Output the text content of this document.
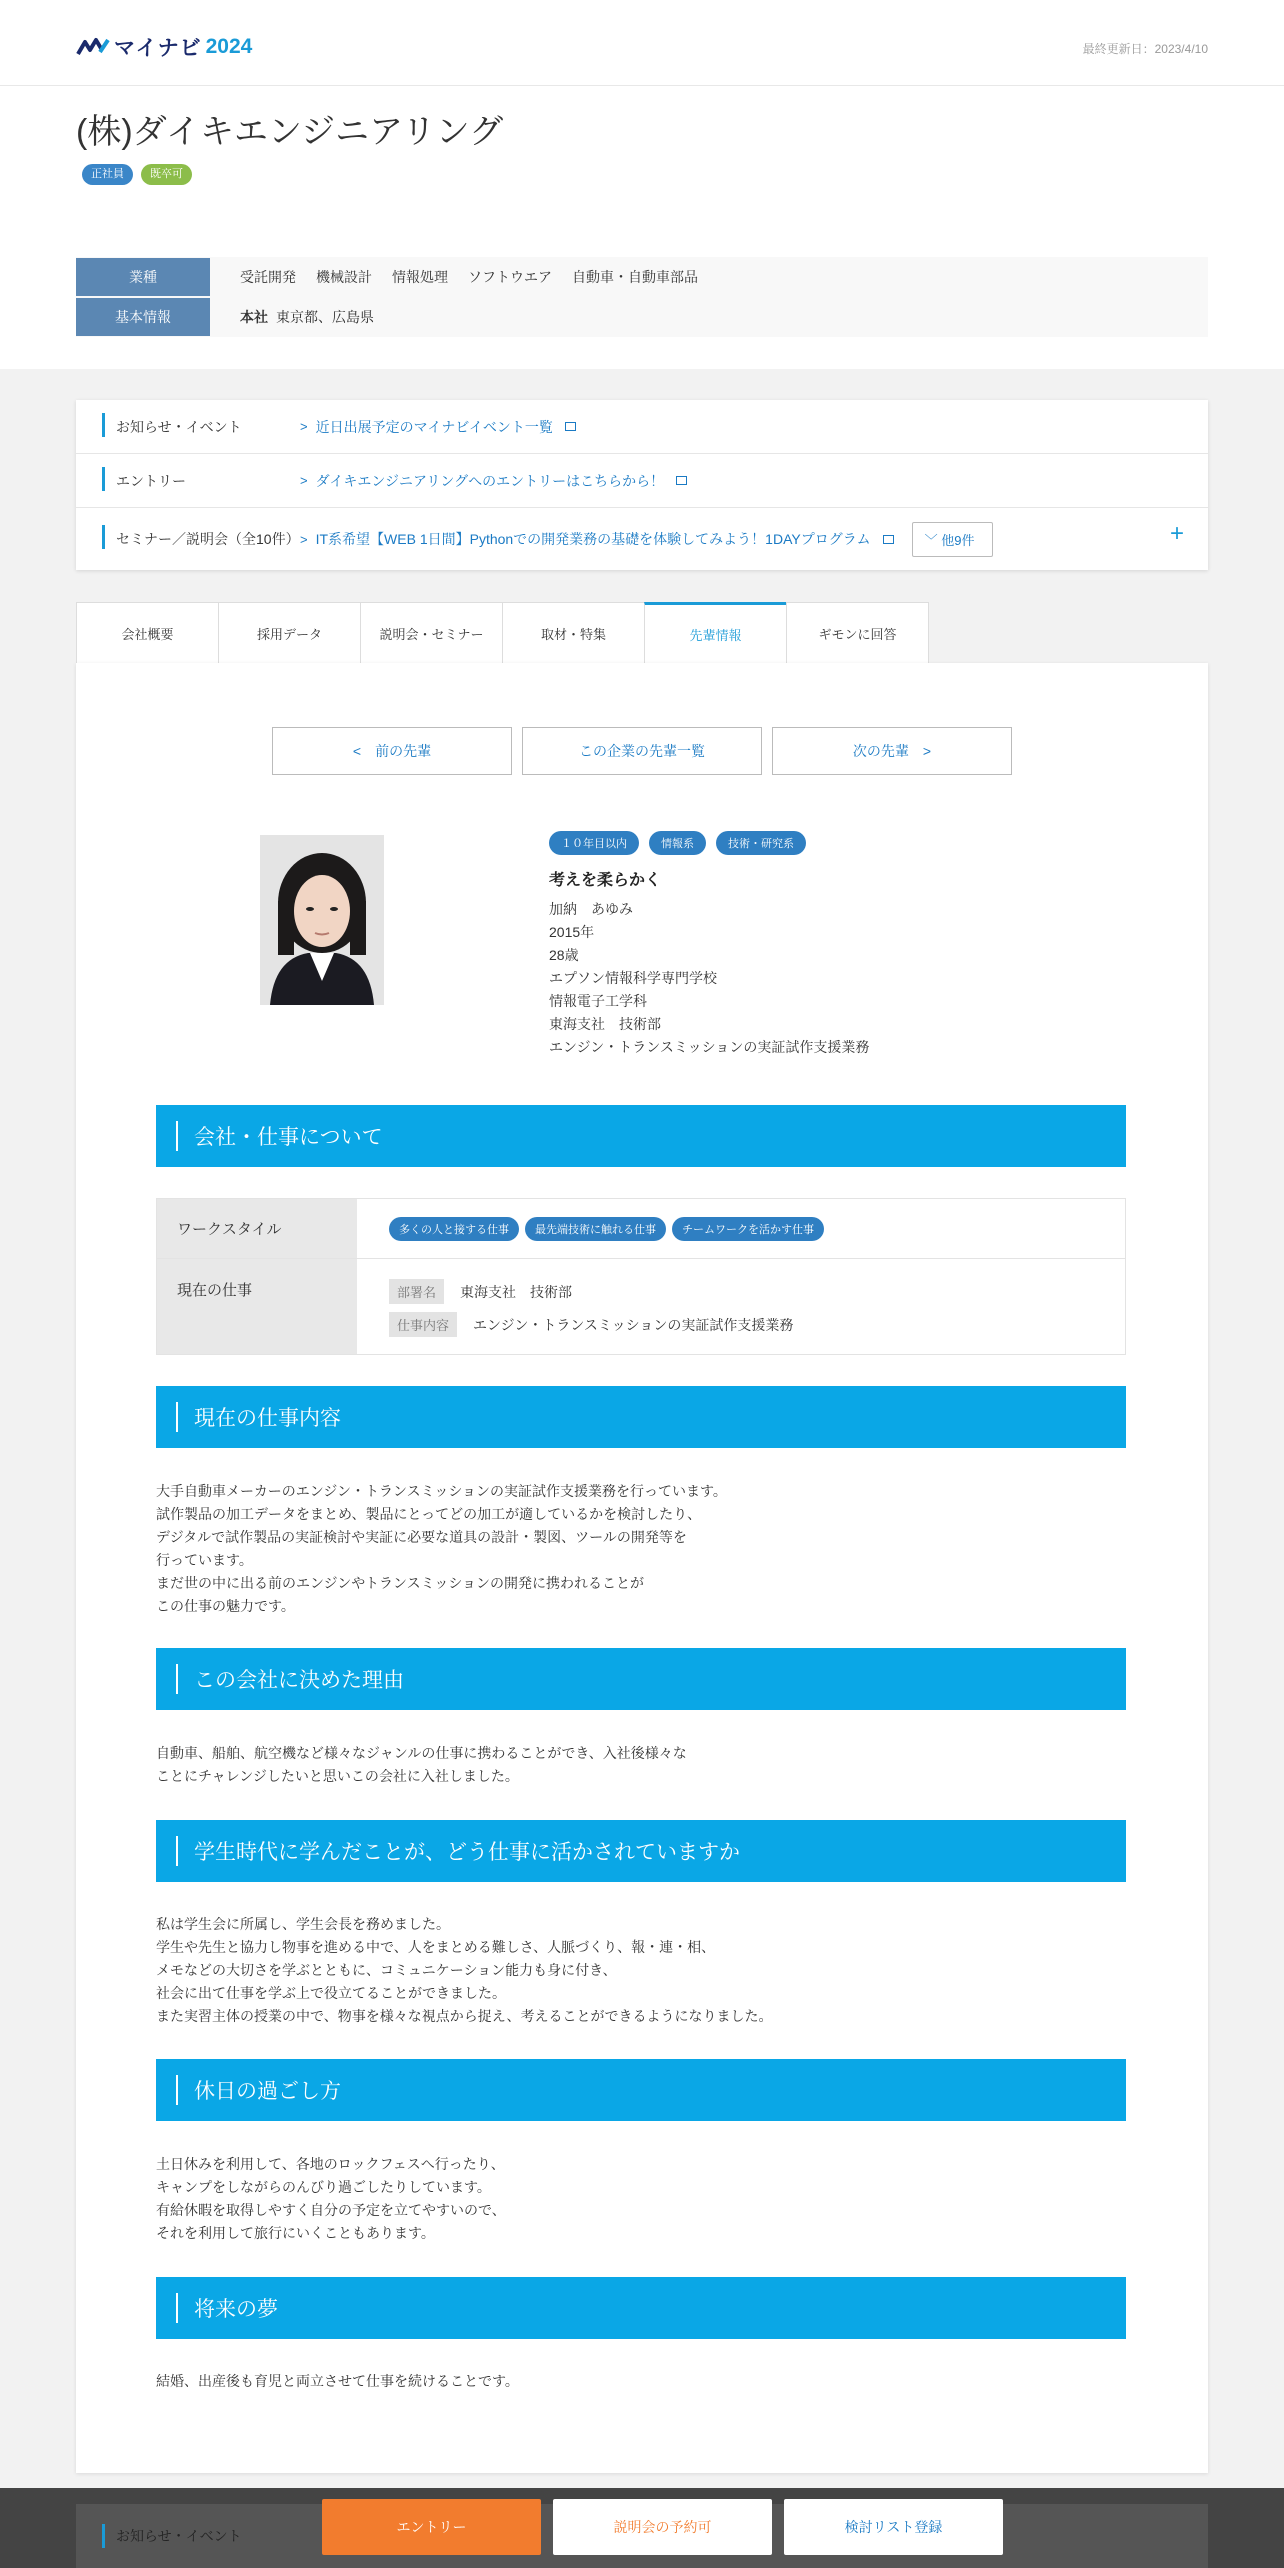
マイナビ 2024	最終更新日：2023/4/10
(株)ダイキエンジニアリング
正社員	既卒可
業種	受託開発 機械設計 情報処理 ソフトウエア 自動車・自動車部品
基本情報	本社 東京都、広島県
お知らせ・イベント	> 近日出展予定のマイナビイベント一覧
エントリー	> ダイキエンジニアリングへのエントリーはこちらから！
セミナー／説明会（全10件） > IT系希望【WEB 1日間】Pythonでの開発業務の基礎を体験してみよう！1DAYプログラム	﹀ 他9件	+
会社概要	採用データ	説明会・セミナー	取材・特集	先輩情報	ギモンに回答
< 前の先輩	この企業の先輩一覧	次の先輩 >
１０年目以内	情報系	技術・研究系
考えを柔らかく
加納　あゆみ
2015年
28歳
エプソン情報科学専門学校
情報電子工学科
東海支社　技術部
エンジン・トランスミッションの実証試作支援業務
会社・仕事について
ワークスタイル	多くの人と接する仕事	最先端技術に触れる仕事	チームワークを活かす仕事
現在の仕事	部署名	東海支社　技術部
仕事内容	エンジン・トランスミッションの実証試作支援業務
現在の仕事内容
大手自動車メーカーのエンジン・トランスミッションの実証試作支援業務を行っています。
試作製品の加工データをまとめ、製品にとってどの加工が適しているかを検討したり、
デジタルで試作製品の実証検討や実証に必要な道具の設計・製図、ツールの開発等を
行っています。
まだ世の中に出る前のエンジンやトランスミッションの開発に携われることが
この仕事の魅力です。
この会社に決めた理由
自動車、船舶、航空機など様々なジャンルの仕事に携わることができ、入社後様々な
ことにチャレンジしたいと思いこの会社に入社しました。
学生時代に学んだことが、どう仕事に活かされていますか
私は学生会に所属し、学生会長を務めました。
学生や先生と協力し物事を進める中で、人をまとめる難しさ、人脈づくり、報・連・相、
メモなどの大切さを学ぶとともに、コミュニケーション能力も身に付き、
社会に出て仕事を学ぶ上で役立てることができました。
また実習主体の授業の中で、物事を様々な視点から捉え、考えることができるようになりました。
休日の過ごし方
土日休みを利用して、各地のロックフェスへ行ったり、
キャンプをしながらのんびり過ごしたりしています。
有給休暇を取得しやすく自分の予定を立てやすいので、
それを利用して旅行にいくこともあります。
将来の夢
結婚、出産後も育児と両立させて仕事を続けることです。
お知らせ・イベント
エントリー	説明会の予約可	検討リスト登録
